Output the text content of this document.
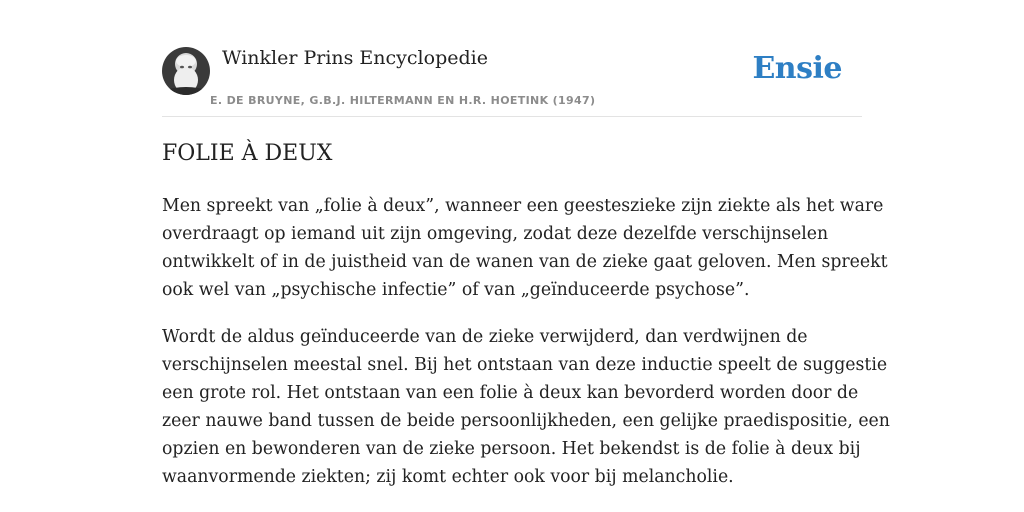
Winkler Prins Encyclopedie
E. DE BRUYNE, G.B.J. HILTERMANN EN H.R. HOETINK (1947)
Ensie
FOLIE À DEUX

Men spreekt van „folie à deux”, wanneer een geesteszieke zijn ziekte als het ware
overdraagt op iemand uit zijn omgeving, zodat deze dezelfde verschijnselen
ontwikkelt of in de juistheid van de wanen van de zieke gaat geloven. Men spreekt
ook wel van „psychische infectie” of van „geïnduceerde psychose”.

Wordt de aldus geïnduceerde van de zieke verwijderd, dan verdwijnen de
verschijnselen meestal snel. Bij het ontstaan van deze inductie speelt de suggestie
een grote rol. Het ontstaan van een folie à deux kan bevorderd worden door de
zeer nauwe band tussen de beide persoonlijkheden, een gelijke praedispositie, een
opzien en bewonderen van de zieke persoon. Het bekendst is de folie à deux bij
waanvormende ziekten; zij komt echter ook voor bij melancholie.
